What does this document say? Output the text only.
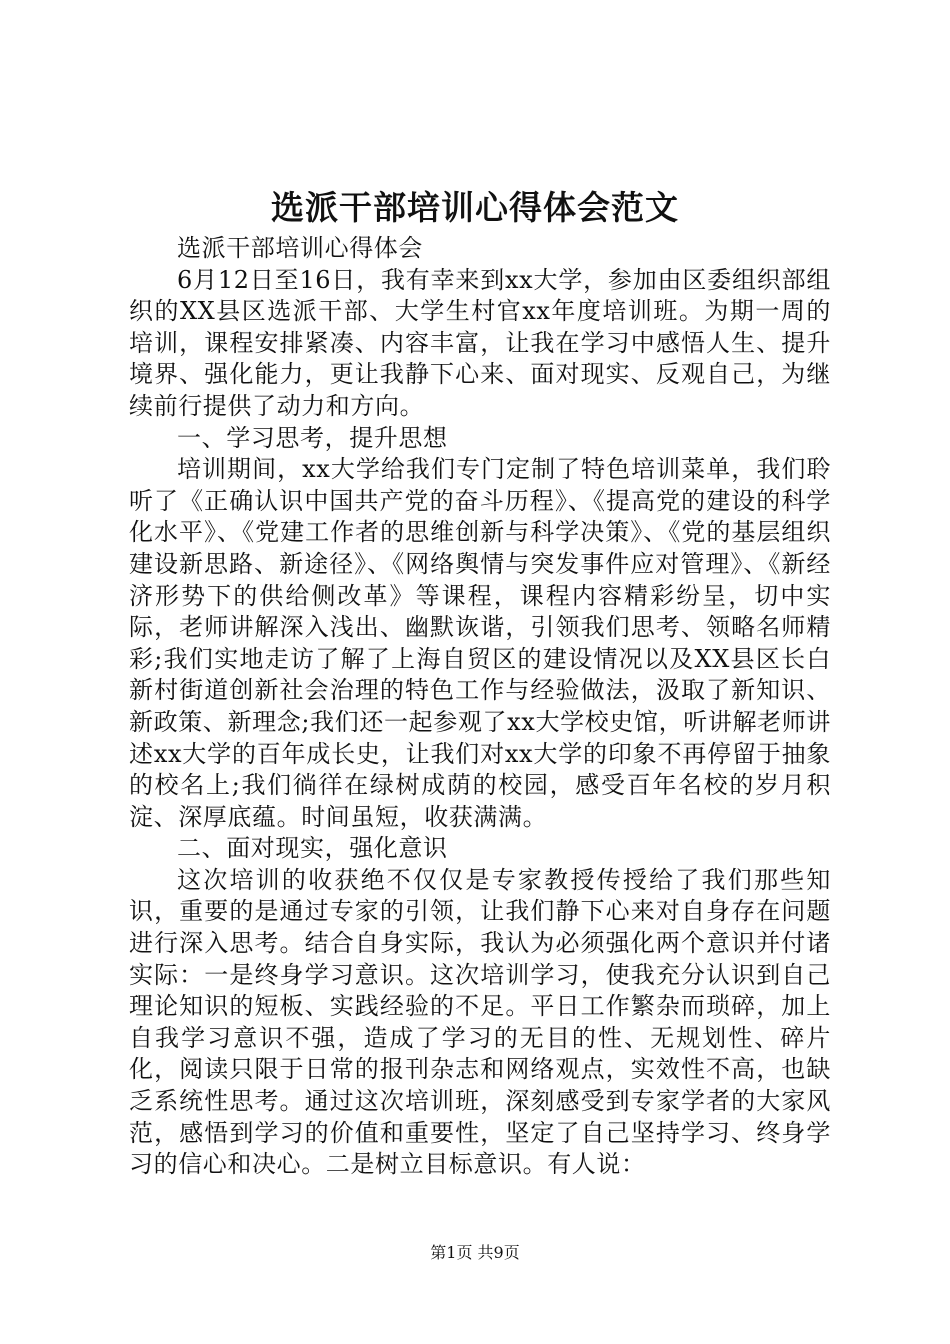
选派干部培训心得体会范文

选派干部培训心得体会

6月12日至16日，我有幸来到xx大学，参加由区委组织部组织的XX县区选派干部、大学生村官xx年度培训班。为期一周的培训，课程安排紧凑、内容丰富，让我在学习中感悟人生、提升境界、强化能力，更让我静下心来、面对现实、反观自己，为继续前行提供了动力和方向。

一、学习思考，提升思想

培训期间，xx大学给我们专门定制了特色培训菜单，我们聆听了《正确认识中国共产党的奋斗历程》、《提高党的建设的科学化水平》、《党建工作者的思维创新与科学决策》、《党的基层组织建设新思路、新途径》、《网络舆情与突发事件应对管理》、《新经济形势下的供给侧改革》等课程，课程内容精彩纷呈，切中实际，老师讲解深入浅出、幽默诙谐，引领我们思考、领略名师精彩;我们实地走访了解了上海自贸区的建设情况以及XX县区长白新村街道创新社会治理的特色工作与经验做法，汲取了新知识、新政策、新理念;我们还一起参观了xx大学校史馆，听讲解老师讲述xx大学的百年成长史，让我们对xx大学的印象不再停留于抽象的校名上;我们徜徉在绿树成荫的校园，感受百年名校的岁月积淀、深厚底蕴。时间虽短，收获满满。

二、面对现实，强化意识

这次培训的收获绝不仅仅是专家教授传授给了我们那些知识，重要的是通过专家的引领，让我们静下心来对自身存在问题进行深入思考。结合自身实际，我认为必须强化两个意识并付诸实际：一是终身学习意识。这次培训学习，使我充分认识到自己理论知识的短板、实践经验的不足。平日工作繁杂而琐碎，加上自我学习意识不强，造成了学习的无目的性、无规划性、碎片化，阅读只限于日常的报刊杂志和网络观点，实效性不高，也缺乏系统性思考。通过这次培训班，深刻感受到专家学者的大家风范，感悟到学习的价值和重要性，坚定了自己坚持学习、终身学习的信心和决心。二是树立目标意识。有人说：

第1页 共9页
